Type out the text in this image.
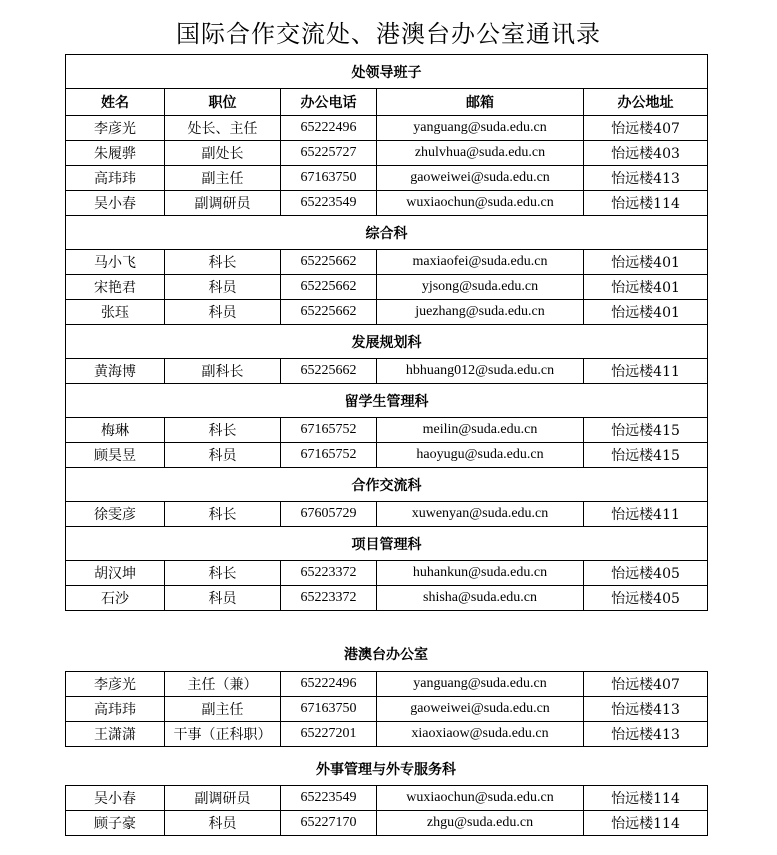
国际合作交流处、港澳台办公室通讯录
处领导班子				
姓名	职位	办公电话	邮箱	办公地址
李彦光	处长、主任	65222496	yanguang@suda.edu.cn	怡远楼407
朱履骅	副处长	65225727	zhulvhua@suda.edu.cn	怡远楼403
高玮玮	副主任	67163750	gaoweiwei@suda.edu.cn	怡远楼413
吴小春	副调研员	65223549	wuxiaochun@suda.edu.cn	怡远楼114
综合科				
马小飞	科长	65225662	maxiaofei@suda.edu.cn	怡远楼401
宋艳君	科员	65225662	yjsong@suda.edu.cn	怡远楼401
张珏	科员	65225662	juezhang@suda.edu.cn	怡远楼401
发展规划科				
黄海博	副科长	65225662	hbhuang012@suda.edu.cn	怡远楼411
留学生管理科				
梅琳	科长	67165752	meilin@suda.edu.cn	怡远楼415
顾昊昱	科员	67165752	haoyugu@suda.edu.cn	怡远楼415
合作交流科				
徐雯彦	科长	67605729	xuwenyan@suda.edu.cn	怡远楼411
项目管理科				
胡汉坤	科长	65223372	huhankun@suda.edu.cn	怡远楼405
石沙	科员	65223372	shisha@suda.edu.cn	怡远楼405
港澳台办公室
李彦光	主任（兼）	65222496	yanguang@suda.edu.cn	怡远楼407
高玮玮	副主任	67163750	gaoweiwei@suda.edu.cn	怡远楼413
王潇潇	干事（正科职）	65227201	xiaoxiaow@suda.edu.cn	怡远楼413
外事管理与外专服务科
吴小春	副调研员	65223549	wuxiaochun@suda.edu.cn	怡远楼114
顾子豪	科员	65227170	zhgu@suda.edu.cn	怡远楼114
